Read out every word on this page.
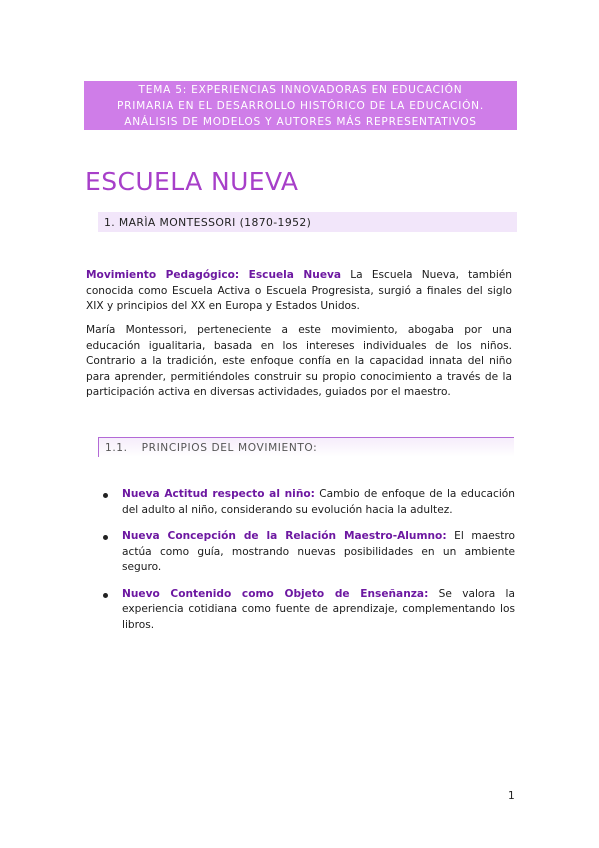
TEMA 5: EXPERIENCIAS INNOVADORAS EN EDUCACIÓN
PRIMARIA EN EL DESARROLLO HISTÓRICO DE LA EDUCACIÓN.
ANÁLISIS DE MODELOS Y AUTORES MÁS REPRESENTATIVOS
ESCUELA NUEVA
1. MARÌA MONTESSORI (1870-1952)

Movimiento Pedagógico: Escuela Nueva La Escuela Nueva, también conocida como Escuela Activa o Escuela Progresista, surgió a finales del siglo XIX y principios del XX en Europa y Estados Unidos.

María Montessori, perteneciente a este movimiento, abogaba por una educación igualitaria, basada en los intereses individuales de los niños. Contrario a la tradición, este enfoque confía en la capacidad innata del niño para aprender, permitiéndoles construir su propio conocimiento a través de la participación activa en diversas actividades, guiados por el maestro.

1.1. PRINCIPIOS DEL MOVIMIENTO:
Nueva Actitud respecto al niño: Cambio de enfoque de la educación del adulto al niño, considerando su evolución hacia la adultez.
Nueva Concepción de la Relación Maestro-Alumno: El maestro actúa como guía, mostrando nuevas posibilidades en un ambiente seguro.
Nuevo Contenido como Objeto de Enseñanza: Se valora la experiencia cotidiana como fuente de aprendizaje, complementando los libros.
1
